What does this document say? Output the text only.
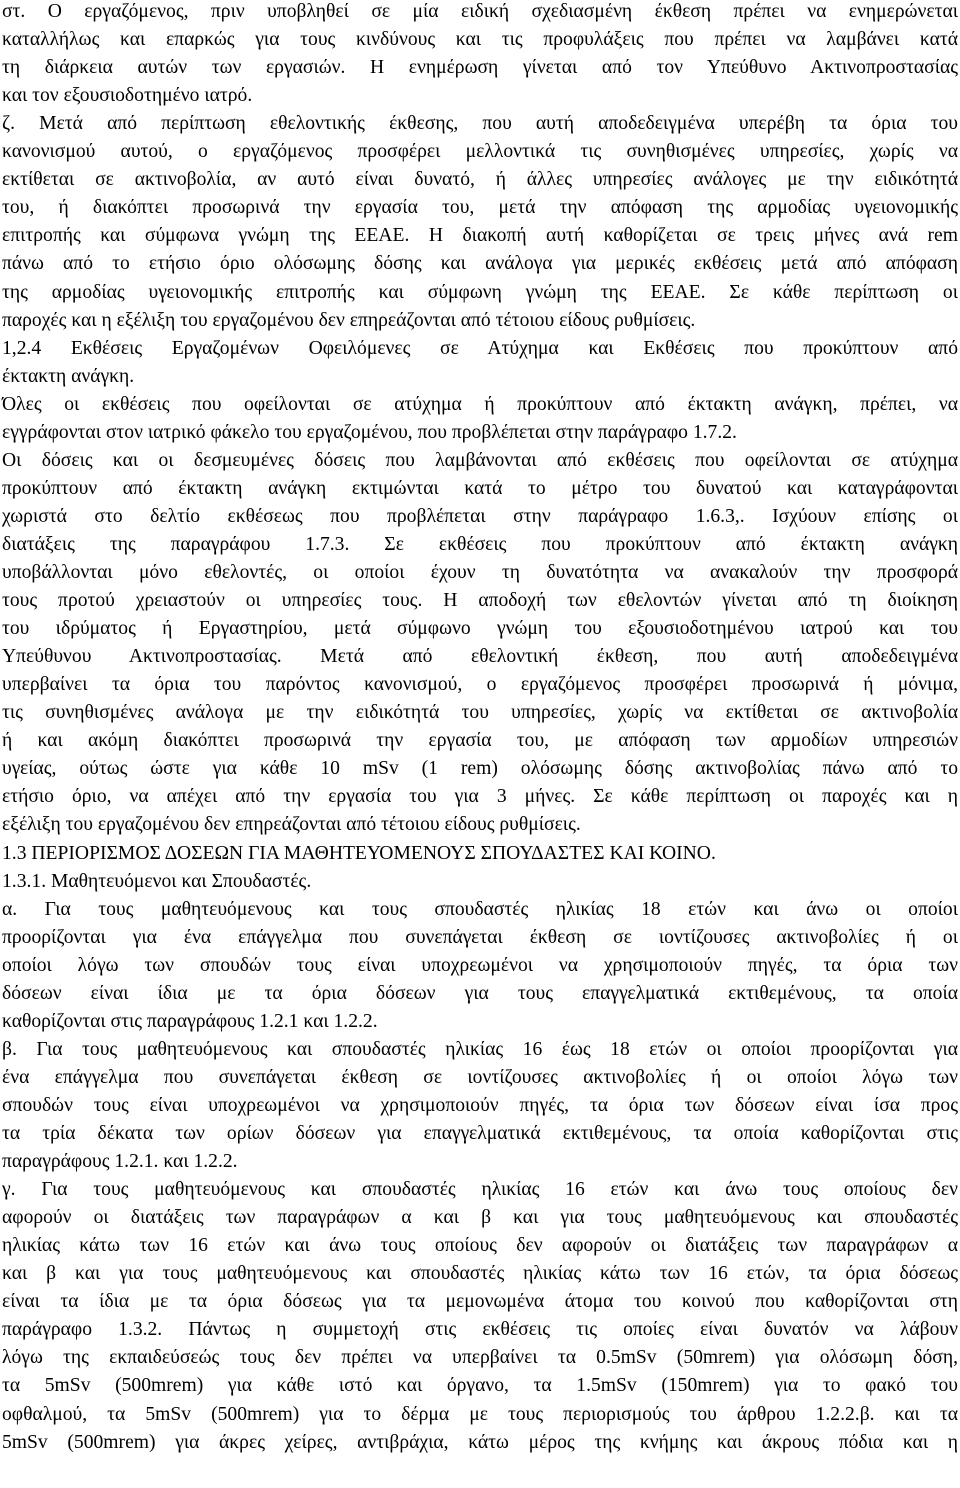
στ. Ο εργαζόμενος, πριν υποβληθεί σε μία ειδική σχεδιασμένη έκθεση πρέπει να ενημερώνεται
καταλλήλως και επαρκώς για τους κινδύνους και τις προφυλάξεις που πρέπει να λαμβάνει κατά
τη διάρκεια αυτών των εργασιών. Η ενημέρωση γίνεται από τον Υπεύθυνο Ακτινοπροστασίας
και τον εξουσιοδοτημένο ιατρό.
ζ. Μετά από περίπτωση εθελοντικής έκθεσης, που αυτή αποδεδειγμένα υπερέβη τα όρια του
κανονισμού αυτού, ο εργαζόμενος προσφέρει μελλοντικά τις συνηθισμένες υπηρεσίες, χωρίς να
εκτίθεται σε ακτινοβολία, αν αυτό είναι δυνατό, ή άλλες υπηρεσίες ανάλογες με την ειδικότητά
του, ή διακόπτει προσωρινά την εργασία του, μετά την απόφαση της αρμοδίας υγειονομικής
επιτροπής και σύμφωνα γνώμη της ΕΕΑΕ. Η διακοπή αυτή καθορίζεται σε τρεις μήνες ανά rem
πάνω από το ετήσιο όριο ολόσωμης δόσης και ανάλογα για μερικές εκθέσεις μετά από απόφαση
της αρμοδίας υγειονομικής επιτροπής και σύμφωνη γνώμη της ΕΕΑΕ. Σε κάθε περίπτωση οι
παροχές και η εξέλιξη του εργαζομένου δεν επηρεάζονται από τέτοιου είδους ρυθμίσεις.
1,2.4 Εκθέσεις Εργαζομένων Οφειλόμενες σε Ατύχημα και Εκθέσεις που προκύπτουν από
έκτακτη ανάγκη.
Όλες οι εκθέσεις που οφείλονται σε ατύχημα ή προκύπτουν από έκτακτη ανάγκη, πρέπει, να
εγγράφονται στον ιατρικό φάκελο του εργαζομένου, που προβλέπεται στην παράγραφο 1.7.2.
Οι δόσεις και οι δεσμευμένες δόσεις που λαμβάνονται από εκθέσεις που οφείλονται σε ατύχημα
προκύπτουν από έκτακτη ανάγκη εκτιμώνται κατά το μέτρο του δυνατού και καταγράφονται
χωριστά στο δελτίο εκθέσεως που προβλέπεται στην παράγραφο 1.6.3,. Ισχύουν επίσης οι
διατάξεις της παραγράφου 1.7.3. Σε εκθέσεις που προκύπτουν από έκτακτη ανάγκη
υποβάλλονται μόνο εθελοντές, οι οποίοι έχουν τη δυνατότητα να ανακαλούν την προσφορά
τους προτού χρειαστούν οι υπηρεσίες τους. Η αποδοχή των εθελοντών γίνεται από τη διοίκηση
του ιδρύματος ή Εργαστηρίου, μετά σύμφωνο γνώμη του εξουσιοδοτημένου ιατρού και του
Υπεύθυνου Ακτινοπροστασίας. Μετά από εθελοντική έκθεση, που αυτή αποδεδειγμένα
υπερβαίνει τα όρια του παρόντος κανονισμού, ο εργαζόμενος προσφέρει προσωρινά ή μόνιμα,
τις συνηθισμένες ανάλογα με την ειδικότητά του υπηρεσίες, χωρίς να εκτίθεται σε ακτινοβολία
ή και ακόμη διακόπτει προσωρινά την εργασία του, με απόφαση των αρμοδίων υπηρεσιών
υγείας, ούτως ώστε για κάθε 10 mSv (1 rem) ολόσωμης δόσης ακτινοβολίας πάνω από το
ετήσιο όριο, να απέχει από την εργασία του για 3 μήνες. Σε κάθε περίπτωση οι παροχές και η
εξέλιξη του εργαζομένου δεν επηρεάζονται από τέτοιου είδους ρυθμίσεις.
1.3 ΠΕΡΙΟΡΙΣΜΟΣ ΔΟΣΕΩΝ ΓΙΑ ΜΑΘΗΤΕΥΟΜΕΝΟΥΣ ΣΠΟΥΔΑΣΤΕΣ ΚΑΙ ΚΟΙΝΟ.
1.3.1. Μαθητευόμενοι και Σπουδαστές.
α. Για τους μαθητευόμενους και τους σπουδαστές ηλικίας 18 ετών και άνω οι οποίοι
προορίζονται για ένα επάγγελμα που συνεπάγεται έκθεση σε ιοντίζουσες ακτινοβολίες ή οι
οποίοι λόγω των σπουδών τους είναι υποχρεωμένοι να χρησιμοποιούν πηγές, τα όρια των
δόσεων είναι ίδια με τα όρια δόσεων για τους επαγγελματικά εκτιθεμένους, τα οποία
καθορίζονται στις παραγράφους 1.2.1 και 1.2.2.
β. Για τους μαθητευόμενους και σπουδαστές ηλικίας 16 έως 18 ετών οι οποίοι προορίζονται για
ένα επάγγελμα που συνεπάγεται έκθεση σε ιοντίζουσες ακτινοβολίες ή οι οποίοι λόγω των
σπουδών τους είναι υποχρεωμένοι να χρησιμοποιούν πηγές, τα όρια των δόσεων είναι ίσα προς
τα τρία δέκατα των ορίων δόσεων για επαγγελματικά εκτιθεμένους, τα οποία καθορίζονται στις
παραγράφους 1.2.1. και 1.2.2.
γ. Για τους μαθητευόμενους και σπουδαστές ηλικίας 16 ετών και άνω τους οποίους δεν
αφορούν οι διατάξεις των παραγράφων α και β και για τους μαθητευόμενους και σπουδαστές
ηλικίας κάτω των 16 ετών και άνω τους οποίους δεν αφορούν οι διατάξεις των παραγράφων α
και β και για τους μαθητευόμενους και σπουδαστές ηλικίας κάτω των 16 ετών, τα όρια δόσεως
είναι τα ίδια με τα όρια δόσεως για τα μεμονωμένα άτομα του κοινού που καθορίζονται στη
παράγραφο 1.3.2. Πάντως η συμμετοχή στις εκθέσεις τις οποίες είναι δυνατόν να λάβουν
λόγω της εκπαιδεύσεώς τους δεν πρέπει να υπερβαίνει τα 0.5mSv (50mrem) για ολόσωμη δόση,
τα 5mSv (500mrem) για κάθε ιστό και όργανο, τα 1.5mSv (150mrem) για το φακό του
οφθαλμού, τα 5mSv (500mrem) για το δέρμα με τους περιορισμούς του άρθρου 1.2.2.β. και τα
5mSv (500mrem) για άκρες χείρες, αντιβράχια, κάτω μέρος της κνήμης και άκρους πόδια και η
